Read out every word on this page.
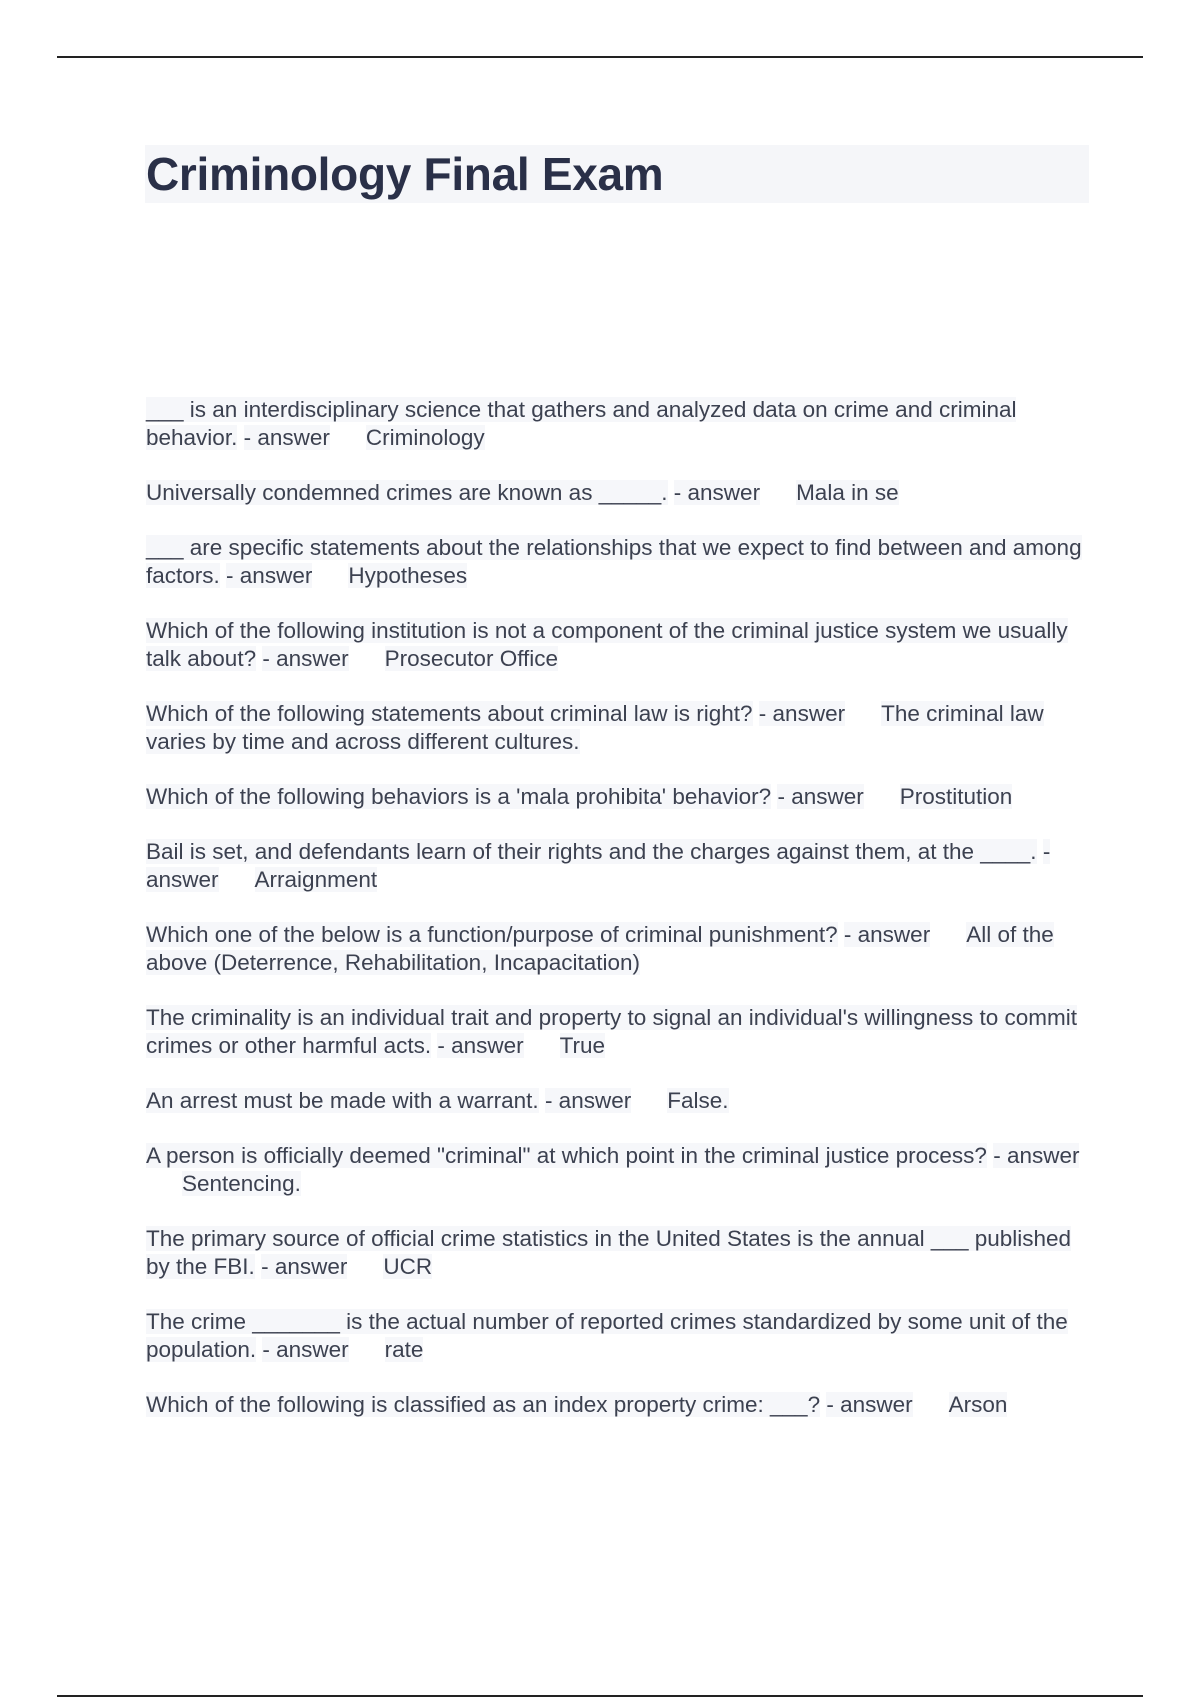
Criminology Final Exam
___ is an interdisciplinary science that gathers and analyzed data on crime and criminal behavior. - answer Criminology
Universally condemned crimes are known as _____. - answer Mala in se
___ are specific statements about the relationships that we expect to find between and among factors. - answer Hypotheses
Which of the following institution is not a component of the criminal justice system we usually talk about? - answer Prosecutor Office
Which of the following statements about criminal law is right? - answer The criminal law varies by time and across different cultures.
Which of the following behaviors is a 'mala prohibita' behavior? - answer Prostitution
Bail is set, and defendants learn of their rights and the charges against them, at the ____. - answer Arraignment
Which one of the below is a function/purpose of criminal punishment? - answer All of the above (Deterrence, Rehabilitation, Incapacitation)
The criminality is an individual trait and property to signal an individual's willingness to commit crimes or other harmful acts. - answer True
An arrest must be made with a warrant. - answer False.
A person is officially deemed "criminal" at which point in the criminal justice process? - answerSentencing.
The primary source of official crime statistics in the United States is the annual ___ published by the FBI. - answer UCR
The crime _______ is the actual number of reported crimes standardized by some unit of the population. - answer rate
Which of the following is classified as an index property crime: ___? - answer Arson
